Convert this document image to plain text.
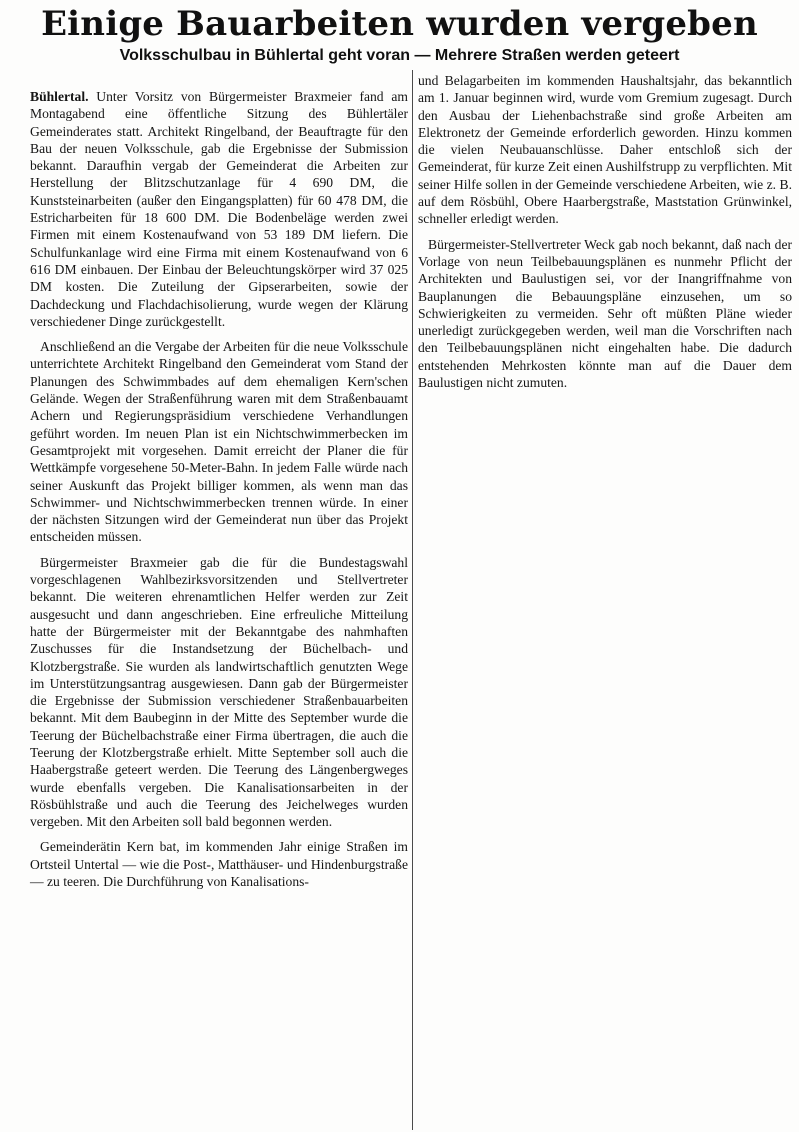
Einige Bauarbeiten wurden vergeben
Volksschulbau in Bühlertal geht voran — Mehrere Straßen werden geteert

Bühlertal. Unter Vorsitz von Bürgermeister Braxmeier fand am Montagabend eine öffentliche Sitzung des Bühlertäler Gemeinderates statt. Architekt Ringelband, der Beauftragte für den Bau der neuen Volksschule, gab die Ergebnisse der Submission bekannt. Daraufhin vergab der Gemeinderat die Arbeiten zur Herstellung der Blitzschutzanlage für 4 690 DM, die Kunststeinarbeiten (außer den Eingangsplatten) für 60 478 DM, die Estricharbeiten für 18 600 DM. Die Bodenbeläge werden zwei Firmen mit einem Kostenaufwand von 53 189 DM liefern. Die Schulfunkanlage wird eine Firma mit einem Kostenaufwand von 6 616 DM einbauen. Der Einbau der Beleuchtungskörper wird 37 025 DM kosten. Die Zuteilung der Gipserarbeiten, sowie der Dachdeckung und Flachdachisolierung, wurde wegen der Klärung verschiedener Dinge zurückgestellt.

Anschließend an die Vergabe der Arbeiten für die neue Volksschule unterrichtete Architekt Ringelband den Gemeinderat vom Stand der Planungen des Schwimmbades auf dem ehemaligen Kern'schen Gelände. Wegen der Straßenführung waren mit dem Straßenbauamt Achern und Regierungspräsidium verschiedene Verhandlungen geführt worden. Im neuen Plan ist ein Nichtschwimmerbecken im Gesamtprojekt mit vorgesehen. Damit erreicht der Planer die für Wettkämpfe vorgesehene 50-Meter-Bahn. In jedem Falle würde nach seiner Auskunft das Projekt billiger kommen, als wenn man das Schwimmer- und Nichtschwimmerbecken trennen würde. In einer der nächsten Sitzungen wird der Gemeinderat nun über das Projekt entscheiden müssen.

Bürgermeister Braxmeier gab die für die Bundestagswahl vorgeschlagenen Wahlbezirksvorsitzenden und Stellvertreter bekannt. Die weiteren ehrenamtlichen Helfer werden zur Zeit ausgesucht und dann angeschrieben. Eine erfreuliche Mitteilung hatte der Bürgermeister mit der Bekanntgabe des nahmhaften Zuschusses für die Instandsetzung der Büchelbach- und Klotzbergstraße. Sie wurden als landwirtschaftlich genutzten Wege im Unterstützungsantrag ausgewiesen. Dann gab der Bürgermeister die Ergebnisse der Submission verschiedener Straßenbauarbeiten bekannt. Mit dem Baubeginn in der Mitte des September wurde die Teerung der Büchelbachstraße einer Firma übertragen, die auch die Teerung der Klotzbergstraße erhielt. Mitte September soll auch die Haabergstraße geteert werden. Die Teerung des Längenbergweges wurde ebenfalls vergeben. Die Kanalisationsarbeiten in der Rösbühlstraße und auch die Teerung des Jeichelweges wurden vergeben. Mit den Arbeiten soll bald begonnen werden.

Gemeinderätin Kern bat, im kommenden Jahr einige Straßen im Ortsteil Untertal — wie die Post-, Matthäuser- und Hindenburgstraße — zu teeren. Die Durchführung von Kanalisations-

und Belagarbeiten im kommenden Haushaltsjahr, das bekanntlich am 1. Januar beginnen wird, wurde vom Gremium zugesagt. Durch den Ausbau der Liehenbachstraße sind große Arbeiten am Elektronetz der Gemeinde erforderlich geworden. Hinzu kommen die vielen Neubauanschlüsse. Daher entschloß sich der Gemeinderat, für kurze Zeit einen Aushilfstrupp zu verpflichten. Mit seiner Hilfe sollen in der Gemeinde verschiedene Arbeiten, wie z. B. auf dem Rösbühl, Obere Haarbergstraße, Maststation Grünwinkel, schneller erledigt werden.

Bürgermeister-Stellvertreter Weck gab noch bekannt, daß nach der Vorlage von neun Teilbebauungsplänen es nunmehr Pflicht der Architekten und Baulustigen sei, vor der Inangriffnahme von Bauplanungen die Bebauungspläne einzusehen, um so Schwierigkeiten zu vermeiden. Sehr oft müßten Pläne wieder unerledigt zurückgegeben werden, weil man die Vorschriften nach den Teilbebauungsplänen nicht eingehalten habe. Die dadurch entstehenden Mehrkosten könnte man auf die Dauer dem Baulustigen nicht zumuten.
